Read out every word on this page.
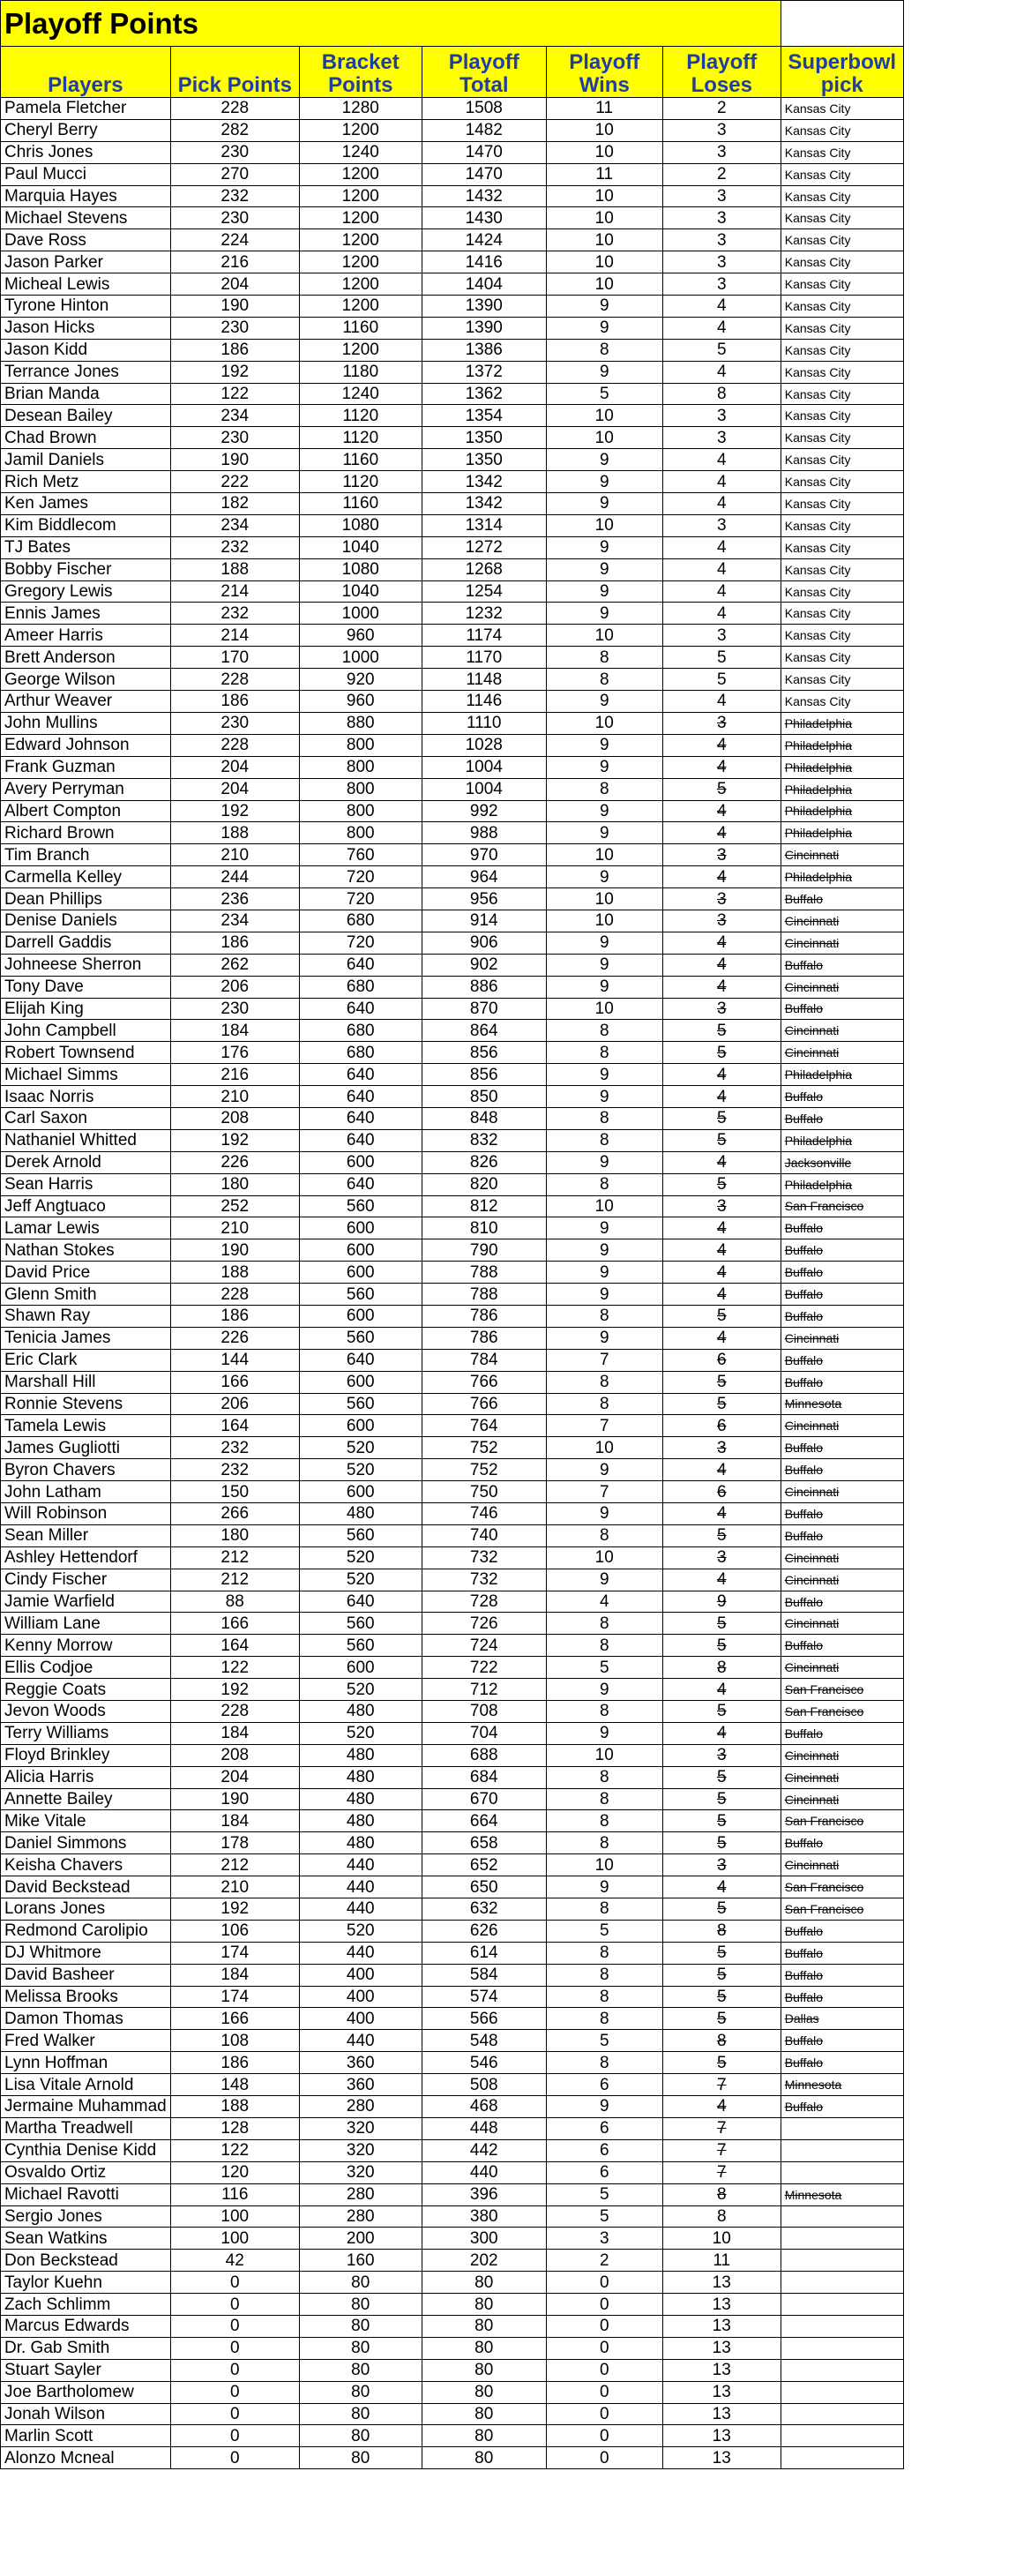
Playoff Points						
Players	Pick Points	Bracket Points	Playoff Total	Playoff Wins	Playoff Loses	Superbowl pick
Pamela Fletcher	228	1280	1508	11	2	Kansas City
Cheryl Berry	282	1200	1482	10	3	Kansas City
Chris Jones	230	1240	1470	10	3	Kansas City
Paul Mucci	270	1200	1470	11	2	Kansas City
Marquia Hayes	232	1200	1432	10	3	Kansas City
Michael Stevens	230	1200	1430	10	3	Kansas City
Dave Ross	224	1200	1424	10	3	Kansas City
Jason Parker	216	1200	1416	10	3	Kansas City
Micheal Lewis	204	1200	1404	10	3	Kansas City
Tyrone Hinton	190	1200	1390	9	4	Kansas City
Jason Hicks	230	1160	1390	9	4	Kansas City
Jason Kidd	186	1200	1386	8	5	Kansas City
Terrance Jones	192	1180	1372	9	4	Kansas City
Brian Manda	122	1240	1362	5	8	Kansas City
Desean Bailey	234	1120	1354	10	3	Kansas City
Chad Brown	230	1120	1350	10	3	Kansas City
Jamil Daniels	190	1160	1350	9	4	Kansas City
Rich Metz	222	1120	1342	9	4	Kansas City
Ken James	182	1160	1342	9	4	Kansas City
Kim Biddlecom	234	1080	1314	10	3	Kansas City
TJ Bates	232	1040	1272	9	4	Kansas City
Bobby Fischer	188	1080	1268	9	4	Kansas City
Gregory Lewis	214	1040	1254	9	4	Kansas City
Ennis James	232	1000	1232	9	4	Kansas City
Ameer Harris	214	960	1174	10	3	Kansas City
Brett Anderson	170	1000	1170	8	5	Kansas City
George Wilson	228	920	1148	8	5	Kansas City
Arthur Weaver	186	960	1146	9	4	Kansas City
John Mullins	230	880	1110	10	3	Philadelphia
Edward Johnson	228	800	1028	9	4	Philadelphia
Frank Guzman	204	800	1004	9	4	Philadelphia
Avery Perryman	204	800	1004	8	5	Philadelphia
Albert Compton	192	800	992	9	4	Philadelphia
Richard Brown	188	800	988	9	4	Philadelphia
Tim Branch	210	760	970	10	3	Cincinnati
Carmella Kelley	244	720	964	9	4	Philadelphia
Dean Phillips	236	720	956	10	3	Buffalo
Denise Daniels	234	680	914	10	3	Cincinnati
Darrell Gaddis	186	720	906	9	4	Cincinnati
Johneese Sherron	262	640	902	9	4	Buffalo
Tony Dave	206	680	886	9	4	Cincinnati
Elijah King	230	640	870	10	3	Buffalo
John Campbell	184	680	864	8	5	Cincinnati
Robert Townsend	176	680	856	8	5	Cincinnati
Michael Simms	216	640	856	9	4	Philadelphia
Isaac Norris	210	640	850	9	4	Buffalo
Carl Saxon	208	640	848	8	5	Buffalo
Nathaniel Whitted	192	640	832	8	5	Philadelphia
Derek Arnold	226	600	826	9	4	Jacksonville
Sean Harris	180	640	820	8	5	Philadelphia
Jeff Angtuaco	252	560	812	10	3	San Francisco
Lamar Lewis	210	600	810	9	4	Buffalo
Nathan Stokes	190	600	790	9	4	Buffalo
David Price	188	600	788	9	4	Buffalo
Glenn Smith	228	560	788	9	4	Buffalo
Shawn Ray	186	600	786	8	5	Buffalo
Tenicia James	226	560	786	9	4	Cincinnati
Eric Clark	144	640	784	7	6	Buffalo
Marshall Hill	166	600	766	8	5	Buffalo
Ronnie Stevens	206	560	766	8	5	Minnesota
Tamela Lewis	164	600	764	7	6	Cincinnati
James Gugliotti	232	520	752	10	3	Buffalo
Byron Chavers	232	520	752	9	4	Buffalo
John Latham	150	600	750	7	6	Cincinnati
Will Robinson	266	480	746	9	4	Buffalo
Sean Miller	180	560	740	8	5	Buffalo
Ashley Hettendorf	212	520	732	10	3	Cincinnati
Cindy Fischer	212	520	732	9	4	Cincinnati
Jamie Warfield	88	640	728	4	9	Buffalo
William Lane	166	560	726	8	5	Cincinnati
Kenny Morrow	164	560	724	8	5	Buffalo
Ellis Codjoe	122	600	722	5	8	Cincinnati
Reggie Coats	192	520	712	9	4	San Francisco
Jevon Woods	228	480	708	8	5	San Francisco
Terry Williams	184	520	704	9	4	Buffalo
Floyd Brinkley	208	480	688	10	3	Cincinnati
Alicia Harris	204	480	684	8	5	Cincinnati
Annette Bailey	190	480	670	8	5	Cincinnati
Mike Vitale	184	480	664	8	5	San Francisco
Daniel Simmons	178	480	658	8	5	Buffalo
Keisha Chavers	212	440	652	10	3	Cincinnati
David Beckstead	210	440	650	9	4	San Francisco
Lorans Jones	192	440	632	8	5	San Francisco
Redmond Carolipio	106	520	626	5	8	Buffalo
DJ Whitmore	174	440	614	8	5	Buffalo
David Basheer	184	400	584	8	5	Buffalo
Melissa Brooks	174	400	574	8	5	Buffalo
Damon Thomas	166	400	566	8	5	Dallas
Fred Walker	108	440	548	5	8	Buffalo
Lynn Hoffman	186	360	546	8	5	Buffalo
Lisa Vitale Arnold	148	360	508	6	7	Minnesota
Jermaine Muhammad	188	280	468	9	4	Buffalo
Martha Treadwell	128	320	448	6	7	
Cynthia Denise Kidd	122	320	442	6	7	
Osvaldo Ortiz	120	320	440	6	7	
Michael Ravotti	116	280	396	5	8	Minnesota
Sergio Jones	100	280	380	5	8	
Sean Watkins	100	200	300	3	10	
Don Beckstead	42	160	202	2	11	
Taylor Kuehn	0	80	80	0	13	
Zach Schlimm	0	80	80	0	13	
Marcus Edwards	0	80	80	0	13	
Dr. Gab Smith	0	80	80	0	13	
Stuart Sayler	0	80	80	0	13	
Joe Bartholomew	0	80	80	0	13	
Jonah Wilson	0	80	80	0	13	
Marlin Scott	0	80	80	0	13	
Alonzo Mcneal	0	80	80	0	13	
